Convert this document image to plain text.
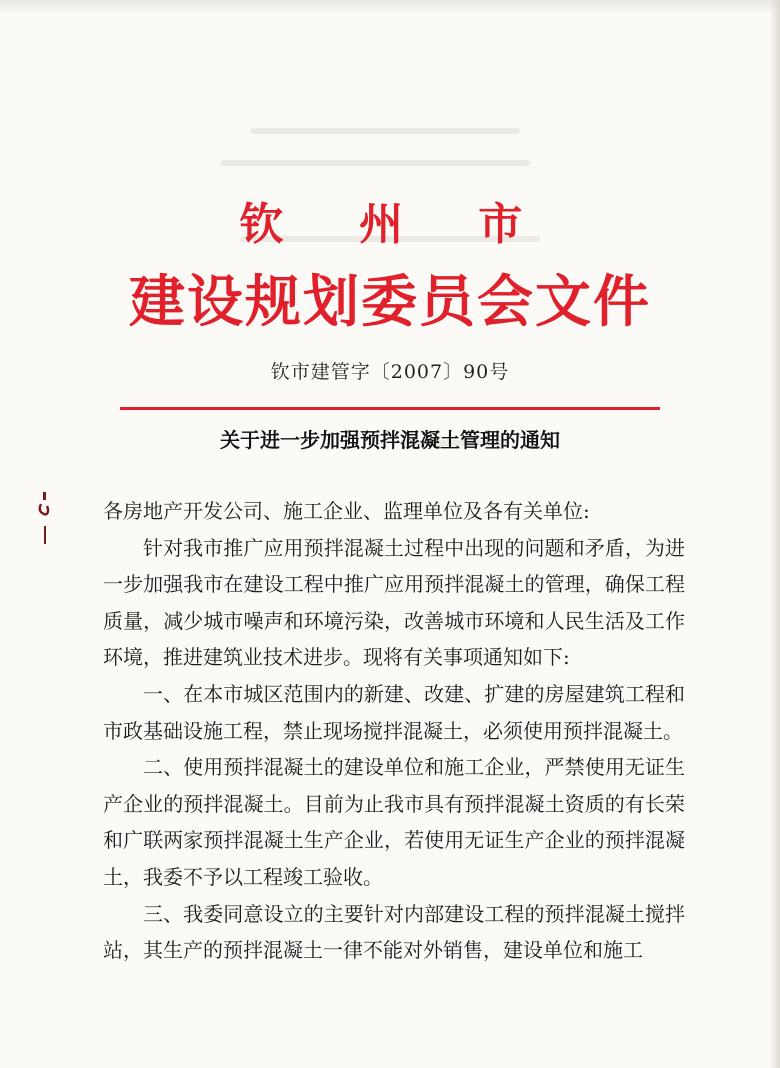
钦 州 市
建设规划委员会文件
钦市建管字〔2007〕90号
关于进一步加强预拌混凝土管理的通知

各房地产开发公司、施工企业、监理单位及各有关单位:

针对我市推广应用预拌混凝土过程中出现的问题和矛盾，为进一步加强我市在建设工程中推广应用预拌混凝土的管理，确保工程质量，减少城市噪声和环境污染，改善城市环境和人民生活及工作环境，推进建筑业技术进步。现将有关事项通知如下:

一、在本市城区范围内的新建、改建、扩建的房屋建筑工程和市政基础设施工程，禁止现场搅拌混凝土，必须使用预拌混凝土。

二、使用预拌混凝土的建设单位和施工企业，严禁使用无证生产企业的预拌混凝土。目前为止我市具有预拌混凝土资质的有长荣和广联两家预拌混凝土生产企业，若使用无证生产企业的预拌混凝土，我委不予以工程竣工验收。

三、我委同意设立的主要针对内部建设工程的预拌混凝土搅拌站，其生产的预拌混凝土一律不能对外销售，建设单位和施工
